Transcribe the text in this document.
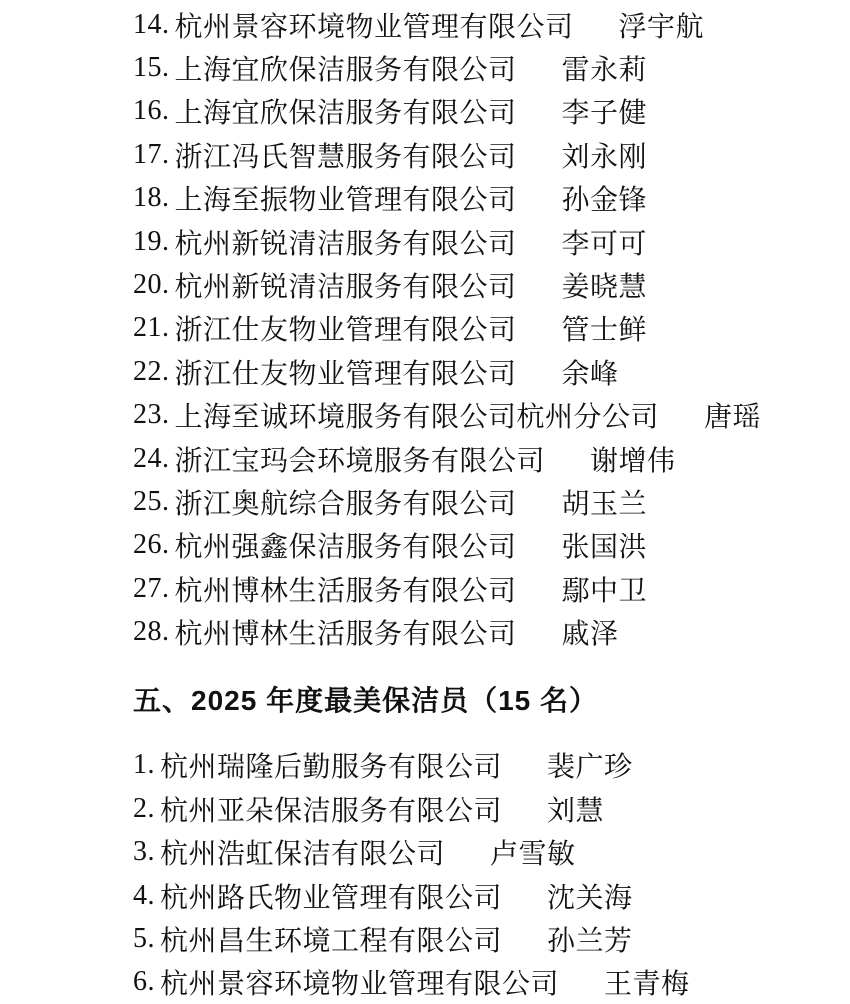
14. 杭州景容环境物业管理有限公司 浮宇航
15. 上海宜欣保洁服务有限公司 雷永莉
16. 上海宜欣保洁服务有限公司 李子健
17. 浙江冯氏智慧服务有限公司 刘永刚
18. 上海至振物业管理有限公司 孙金锋
19. 杭州新锐清洁服务有限公司 李可可
20. 杭州新锐清洁服务有限公司 姜晓慧
21. 浙江仕友物业管理有限公司 管士鲜
22. 浙江仕友物业管理有限公司 余峰
23. 上海至诚环境服务有限公司杭州分公司 唐瑶
24. 浙江宝玛会环境服务有限公司 谢增伟
25. 浙江奥航综合服务有限公司 胡玉兰
26. 杭州强鑫保洁服务有限公司 张国洪
27. 杭州博林生活服务有限公司 鄢中卫
28. 杭州博林生活服务有限公司 戚泽
五、2025 年度最美保洁员（15 名）
1. 杭州瑞隆后勤服务有限公司 裴广珍
2. 杭州亚朵保洁服务有限公司 刘慧
3. 杭州浩虹保洁有限公司 卢雪敏
4. 杭州路氏物业管理有限公司 沈关海
5. 杭州昌生环境工程有限公司 孙兰芳
6. 杭州景容环境物业管理有限公司 王青梅
